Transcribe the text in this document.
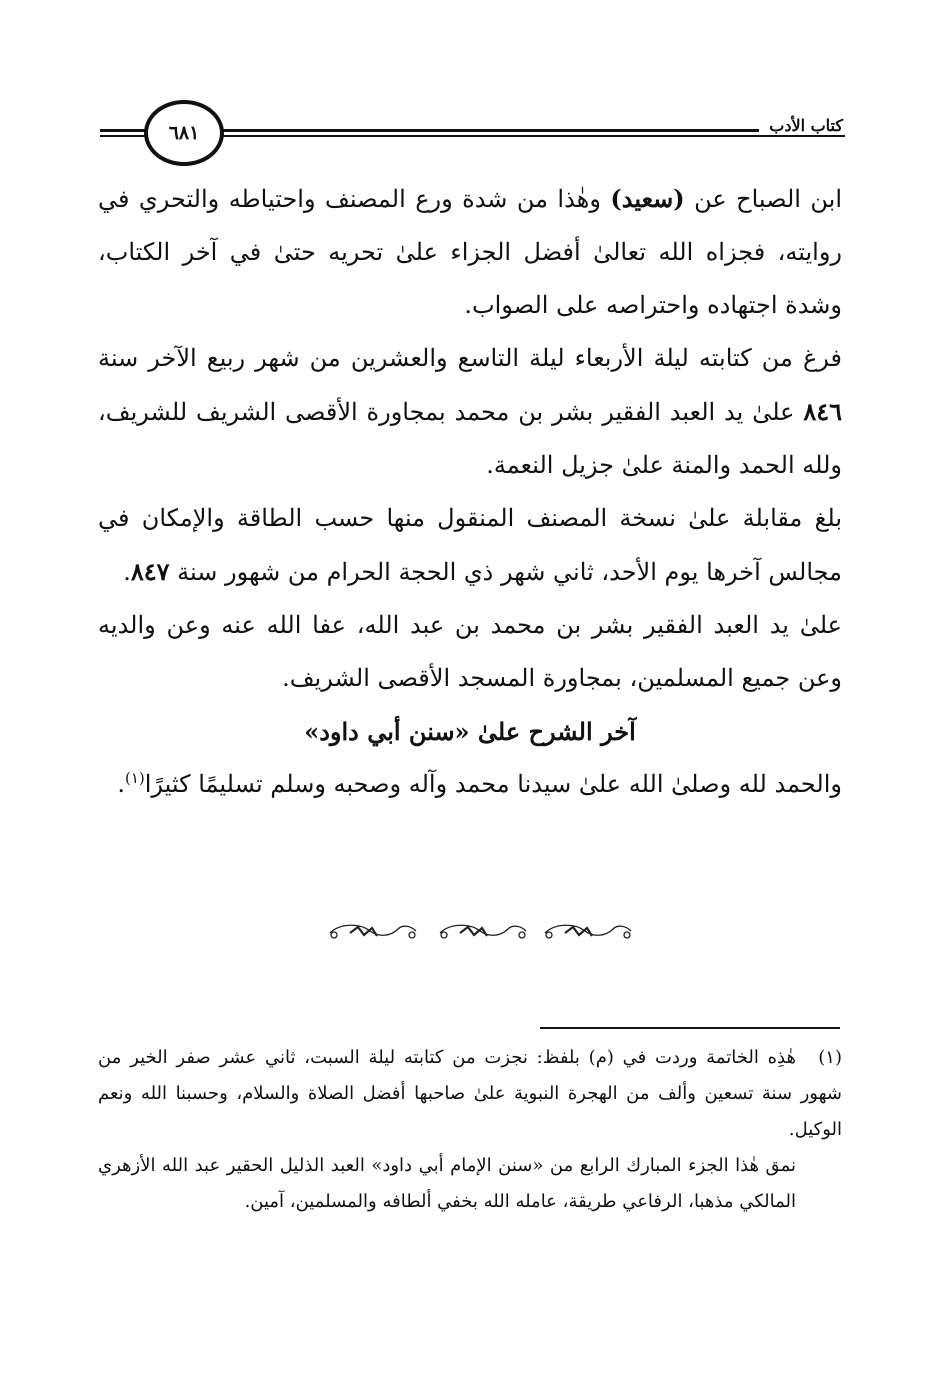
كتاب الأدب
٦٨١

ابن الصباح عن (سعيد) وهٰذا من شدة ورع المصنف واحتياطه والتحري في روايته، فجزاه الله تعالىٰ أفضل الجزاء علىٰ تحريه حتىٰ في آخر الكتاب، وشدة اجتهاده واحتراصه على الصواب.

فرغ من كتابته ليلة الأربعاء ليلة التاسع والعشرين من شهر ربيع الآخر سنة ٨٤٦ علىٰ يد العبد الفقير بشر بن محمد بمجاورة الأقصى الشريف للشريف، ولله الحمد والمنة علىٰ جزيل النعمة.

بلغ مقابلة علىٰ نسخة المصنف المنقول منها حسب الطاقة والإمكان في مجالس آخرها يوم الأحد، ثاني شهر ذي الحجة الحرام من شهور سنة ٨٤٧.

علىٰ يد العبد الفقير بشر بن محمد بن عبد الله، عفا الله عنه وعن والديه وعن جميع المسلمين، بمجاورة المسجد الأقصى الشريف.

آخر الشرح علىٰ «سنن أبي داود»

والحمد لله وصلىٰ الله علىٰ سيدنا محمد وآله وصحبه وسلم تسليمًا كثيرًا$^{(١)}$.

(١)هٰذِه الخاتمة وردت في (م) بلفظ: نجزت من كتابته ليلة السبت، ثاني عشر صفر الخير من شهور سنة تسعين وألف من الهجرة النبوية علىٰ صاحبها أفضل الصلاة والسلام، وحسبنا الله ونعم الوكيل.

نمق هٰذا الجزء المبارك الرابع من «سنن الإمام أبي داود» العبد الذليل الحقير عبد الله الأزهري المالكي مذهبا، الرفاعي طريقة، عامله الله بخفي ألطافه والمسلمين، آمين.
